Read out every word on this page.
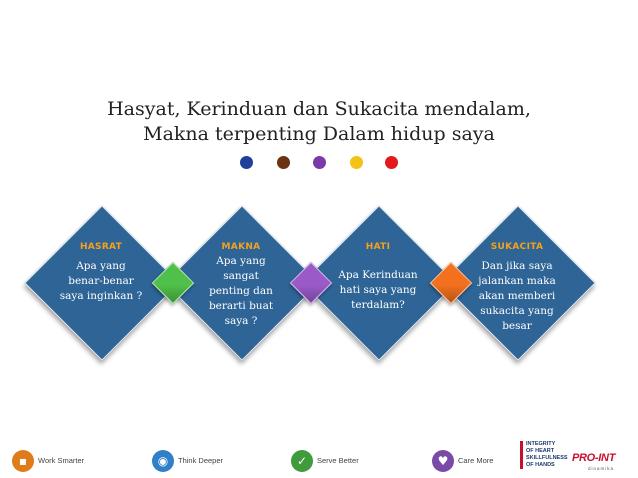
Hasyat, Kerinduan dan Sukacita mendalam,
Makna terpenting Dalam hidup saya
HASRAT
Apa yang
benar-benar
saya inginkan ?
MAKNA
Apa yang
sangat
penting dan
berarti buat
saya ?
HATI
Apa Kerinduan
hati saya yang
terdalam?
SUKACITA
Dan jika saya
jalankan maka
akan memberi
sukacita yang
besar
▪	Work Smarter	◉	Think Deeper	✓	Serve Better	♥	Care More
INTEGRITY
OF HEART
SKILLFULNESS
OF HANDS
PRO-INT
dinamika
